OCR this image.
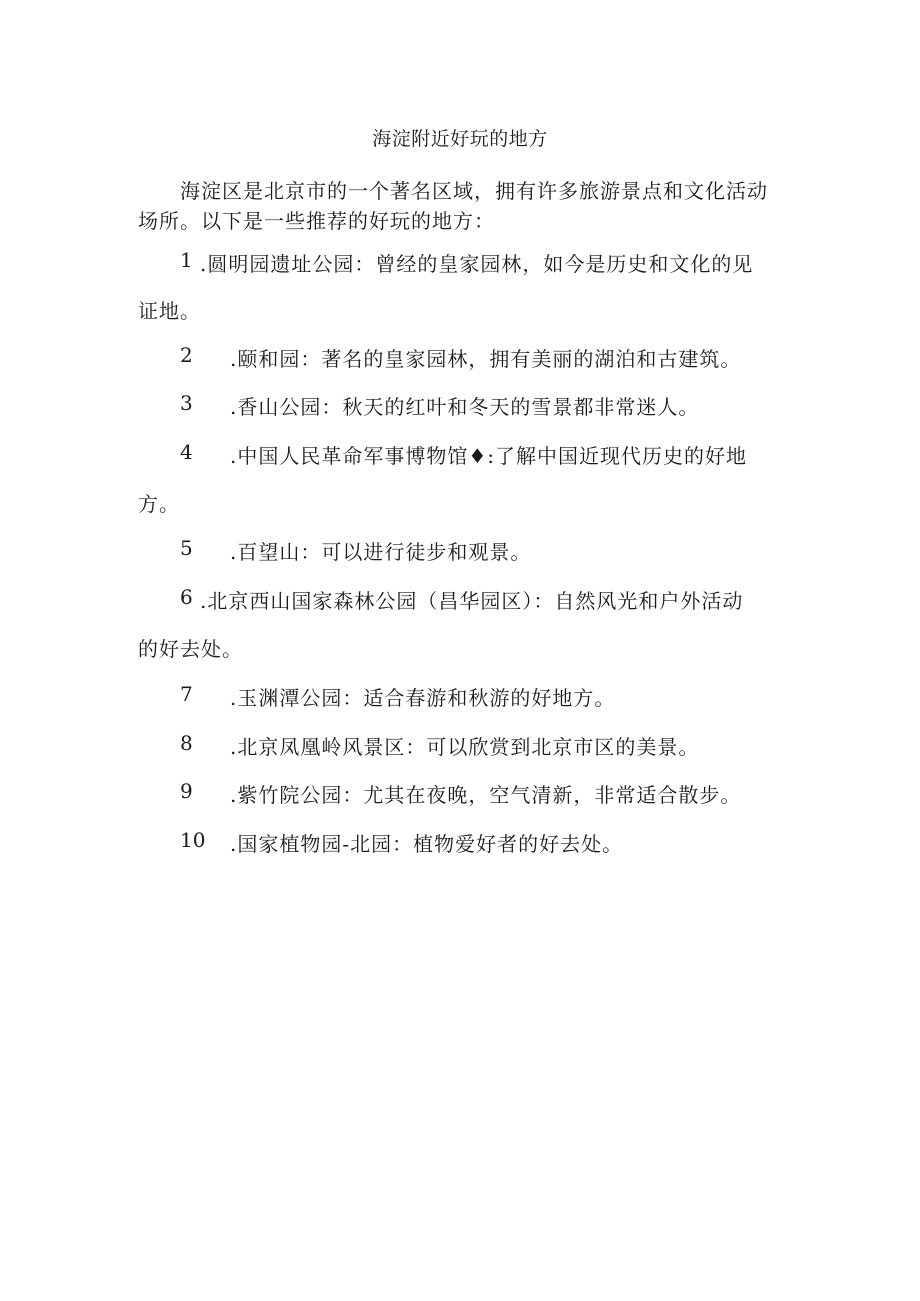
海淀附近好玩的地方
海淀区是北京市的一个著名区域，拥有许多旅游景点和文化活动
场所。以下是一些推荐的好玩的地方：
1 .圆明园遗址公园：曾经的皇家园林，如今是历史和文化的见
证地。
2 .颐和园：著名的皇家园林，拥有美丽的湖泊和古建筑。
3 .香山公园：秋天的红叶和冬天的雪景都非常迷人。
4 .中国人民革命军事博物馆♦:了解中国近现代历史的好地
方。
5 .百望山：可以进行徒步和观景。
6 .北京西山国家森林公园（昌华园区）：自然风光和户外活动
的好去处。
7 .玉渊潭公园：适合春游和秋游的好地方。
8 .北京凤凰岭风景区：可以欣赏到北京市区的美景。
9 .紫竹院公园：尤其在夜晚，空气清新，非常适合散步。
10 .国家植物园-北园：植物爱好者的好去处。
